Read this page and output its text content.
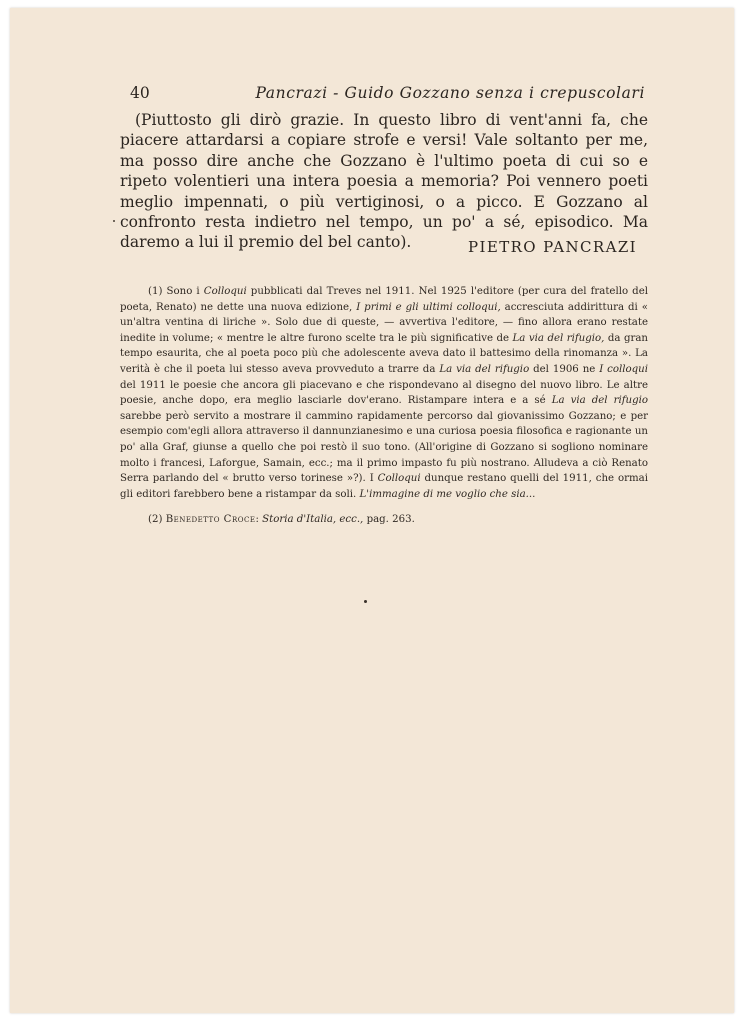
40	Pancrazi - Guido Gozzano senza i crepuscolari

(Piuttosto gli dirò grazie. In questo libro di vent'anni fa, che piacere attardarsi a copiare strofe e versi! Vale soltanto per me, ma posso dire anche che Gozzano è l'ultimo poeta di cui so e ripeto volentieri una intera poesia a memoria? Poi vennero poeti meglio impennati, o più vertiginosi, o a picco. E Gozzano al confronto resta indietro nel tempo, un po' a sé, episodico. Ma daremo a lui il premio del bel canto).	PIETRO PANCRAZI

(1) Sono i Colloqui pubblicati dal Treves nel 1911. Nel 1925 l'editore (per cura del fratello del poeta, Renato) ne dette una nuova edizione, I primi e gli ultimi colloqui, accresciuta addirittura di « un'altra ventina di liriche ». Solo due di queste, — avvertiva l'editore, — fino allora erano restate inedite in volume; « mentre le altre furono scelte tra le più significative de La via del rifugio, da gran tempo esaurita, che al poeta poco più che adolescente aveva dato il battesimo della rinomanza ». La verità è che il poeta lui stesso aveva provveduto a trarre da La via del rifugio del 1906 ne I colloqui del 1911 le poesie che ancora gli piacevano e che rispondevano al disegno del nuovo libro. Le altre poesie, anche dopo, era meglio lasciarle dov'erano. Ristampare intera e a sé La via del rifugio sarebbe però servito a mostrare il cammino rapidamente percorso dal giovanissimo Gozzano; e per esempio com'egli allora attraverso il dannunzianesimo e una curiosa poesia filosofica e ragionante un po' alla Graf, giunse a quello che poi restò il suo tono. (All'origine di Gozzano si sogliono nominare molto i francesi, Laforgue, Samain, ecc.; ma il primo impasto fu più nostrano. Alludeva a ciò Renato Serra parlando del « brutto verso torinese »?). I Colloqui dunque restano quelli del 1911, che ormai gli editori farebbero bene a ristampar da soli. L'immagine di me voglio che sia...

(2) Benedetto Croce: Storia d'Italia, ecc., pag. 263.
